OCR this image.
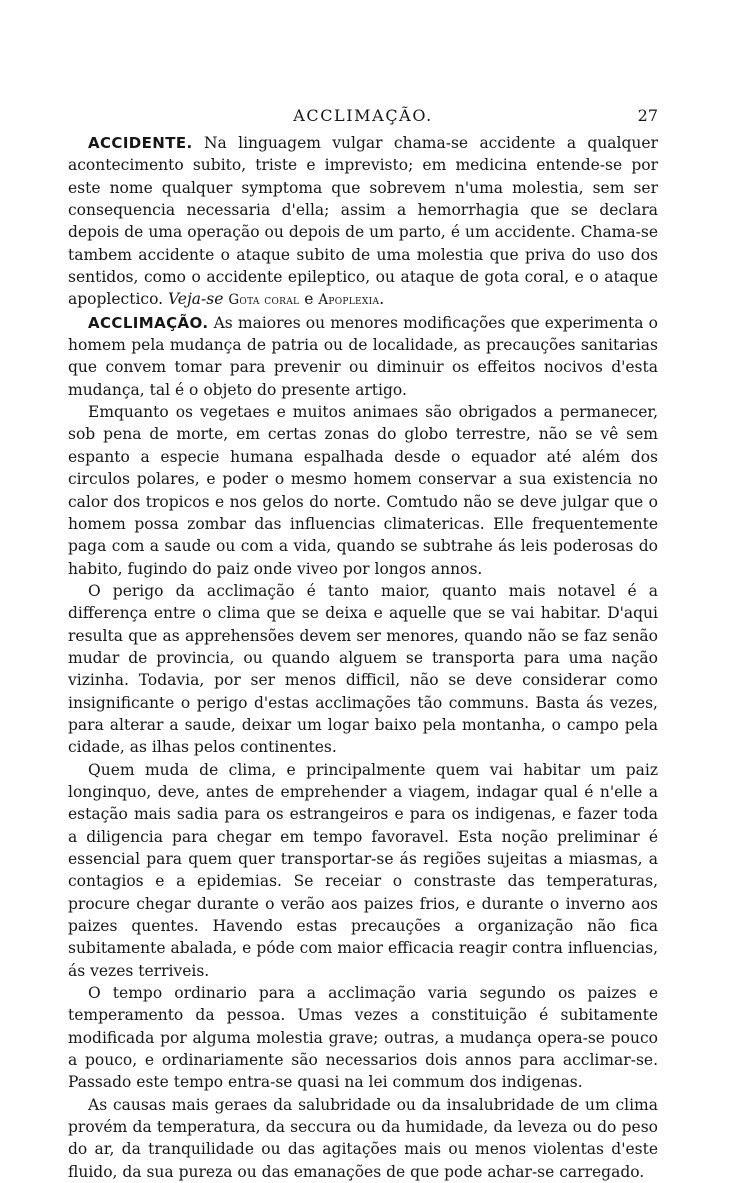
ACCLIMAÇÃO.	27

ACCIDENTE. Na linguagem vulgar chama-se accidente a qualquer acontecimento subito, triste e imprevisto; em medicina entende-se por este nome qualquer symptoma que sobrevem n'uma molestia, sem ser consequencia necessaria d'ella; assim a hemorrhagia que se declara depois de uma operação ou depois de um parto, é um accidente. Chama-se tambem accidente o ataque subito de uma molestia que priva do uso dos sentidos, como o accidente epileptico, ou ataque de gota coral, e o ataque apoplectico. Veja-se Gota coral e Apoplexia.

ACCLIMAÇÃO. As maiores ou menores modificações que experimenta o homem pela mudança de patria ou de localidade, as precauções sanitarias que convem tomar para prevenir ou diminuir os effeitos nocivos d'esta mudança, tal é o objeto do presente artigo.

Emquanto os vegetaes e muitos animaes são obrigados a permanecer, sob pena de morte, em certas zonas do globo terrestre, não se vê sem espanto a especie humana espalhada desde o equador até além dos circulos polares, e poder o mesmo homem conservar a sua existencia no calor dos tropicos e nos gelos do norte. Comtudo não se deve julgar que o homem possa zombar das influencias climatericas. Elle frequentemente paga com a saude ou com a vida, quando se subtrahe ás leis poderosas do habito, fugindo do paiz onde viveo por longos annos.

O perigo da acclimação é tanto maior, quanto mais notavel é a differença entre o clima que se deixa e aquelle que se vai habitar. D'aqui resulta que as apprehensões devem ser menores, quando não se faz senão mudar de provincia, ou quando alguem se transporta para uma nação vizinha. Todavia, por ser menos difficil, não se deve considerar como insignificante o perigo d'estas acclimações tão communs. Basta ás vezes, para alterar a saude, deixar um logar baixo pela montanha, o campo pela cidade, as ilhas pelos continentes.

Quem muda de clima, e principalmente quem vai habitar um paiz longinquo, deve, antes de emprehender a viagem, indagar qual é n'elle a estação mais sadia para os estrangeiros e para os indigenas, e fazer toda a diligencia para chegar em tempo favoravel. Esta noção preliminar é essencial para quem quer transportar-se ás regiões sujeitas a miasmas, a contagios e a epidemias. Se receiar o constraste das temperaturas, procure chegar durante o verão aos paizes frios, e durante o inverno aos paizes quentes. Havendo estas precauções a organização não fica subitamente abalada, e póde com maior efficacia reagir contra influencias, ás vezes terriveis.

O tempo ordinario para a acclimação varia segundo os paizes e temperamento da pessoa. Umas vezes a constituição é subitamente modificada por alguma molestia grave; outras, a mudança opera-se pouco a pouco, e ordinariamente são necessarios dois annos para acclimar-se. Passado este tempo entra-se quasi na lei commum dos indigenas.

As causas mais geraes da salubridade ou da insalubridade de um clima provém da temperatura, da seccura ou da humidade, da leveza ou do peso do ar, da tranquilidade ou das agitações mais ou menos violentas d'este fluido, da sua pureza ou das emanações de que pode achar-se carregado.
